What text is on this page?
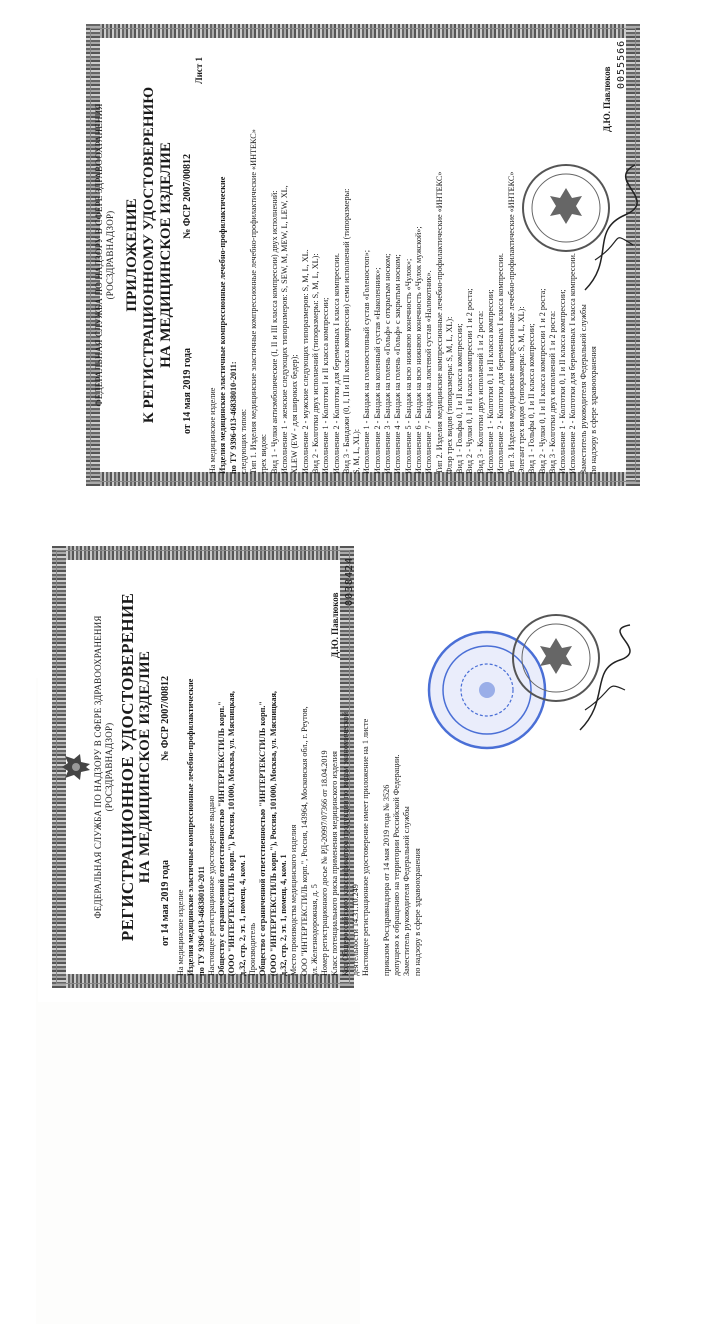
ФЕДЕРАЛЬНАЯ СЛУЖБА ПО НАДЗОРУ В СФЕРЕ ЗДРАВООХРАНЕНИЯ (РОСЗДРАВНАДЗОР) РЕГИСТРАЦИОННОЕ УДОСТОВЕРЕНИЕ НА МЕДИЦИНСКОЕ ИЗДЕЛИЕ
от 14 мая 2019 года
№ ФСР 2007/00812
На медицинское изделие Изделия медицинские эластичные компрессионные лечебно-профилактические по ТУ 9396-013-46838010-2011 Настоящее регистрационное удостоверение выдано Обществу с ограниченной ответственностью "ИНТЕРТЕКСТИЛЬ корп." (ООО "ИНТЕРТЕКСТИЛЬ корп."), Россия, 101000, Москва, ул. Мясницкая, д.32, стр. 2, эт. 1, помещ. 4, ком. 1 Производитель Общество с ограниченной ответственностью "ИНТЕРТЕКСТИЛЬ корп." (ООО "ИНТЕРТЕКСТИЛЬ корп."), Россия, 101000, Москва, ул. Мясницкая, д.32, стр. 2, эт. 1, помещ. 4, ком. 1 Место производства медицинского изделия ООО "ИНТЕРТЕКСТИЛЬ корп.", Россия, 143964, Московская обл., г. Реутов, ул. Железнодорожная, д. 5 Номер регистрационного досье № РД-20997/07366 от 18.04.2019 Класс потенциального риска применения медицинского изделия Код Общероссийского классификатора продукции по видам экономической деятельности 14.31.10.249 Настоящее регистрационное удостоверение имеет приложение на 1 листе приказом Росздравнадзора от 14 мая 2019 года № 3526 допущено к обращению на территории Российской Федерации. Заместитель руководителя Федеральной службы по надзору в сфере здравоохранения
Д.Ю. Павлюков
0038424
ФЕДЕРАЛЬНАЯ СЛУЖБА ПО НАДЗОРУ В СФЕРЕ ЗДРАВООХРАНЕНИЯ (РОСЗДРАВНАДЗОР) ПРИЛОЖЕНИЕ К РЕГИСТРАЦИОННОМУ УДОСТОВЕРЕНИЮ НА МЕДИЦИНСКОЕ ИЗДЕЛИЕ
от 14 мая 2019 года
№ ФСР 2007/00812
Лист 1
На медицинское изделие Изделия медицинские эластичные компрессионные лечебно-профилактические по ТУ 9396-013-46838010-2011: следующих типов: Тип 1. Изделия медицинские эластичные компрессионные лечебно-профилактические «ИНТЕКС» трех видов: Вид 1 - Чулки антиэмболические (I, II и III класса компрессии) двух исполнений: Исполнение 1 - женские следующих типоразмеров: S, SEW, M, MEW, L, LEW, XL, XLEW (EW - для широких бедер); Исполнение 2 - мужские следующих типоразмеров: S, M, L, XL. Вид 2 - Колготки двух исполнений (типоразмеры: S, M, L, XL): Исполнение 1 - Колготки I и II класса компрессии; Исполнение 2 - Колготки для беременных I класса компрессии. Вид 3 - Бандажи (0, I, II и III класса компрессии) семи исполнений (типоразмеры: S, M, L, XL): Исполнение 1 - Бандаж на голеностопный сустав «Голеностоп»; Исполнение 2 - Бандаж на коленный сустав «Наколенник»; Исполнение 3 - Бандаж на голень «Гольф» с открытым носком; Исполнение 4 - Бандаж на голень «Гольф» с закрытым носком; Исполнение 5 - Бандаж на всю нижнюю конечность «Чулок»; Исполнение 6 - Бандаж на всю нижнюю конечность «Чулок мужской»; Исполнение 7 - Бандаж на локтевой сустав «Налокотник». Тип 2. Изделия медицинские компрессионные лечебно-профилактические «ИНТЕКС» Флэр трех видов (типоразмеры: S, M, L, XL): Вид 1 - Гольфы 0, I и II класса компрессии; Вид 2 - Чулки 0, I и II класса компрессии 1 и 2 роста; Вид 3 - Колготки двух исполнений 1 и 2 роста: Исполнение 1 - Колготки 0, I и II класса компрессии; Исполнение 2 - Колготки для беременных I класса компрессии. Тип 3. Изделия медицинские компрессионные лечебно-профилактические «ИНТЕКС» Элегант трех видов (типоразмеры: S, M, L, XL): Вид 1 - Гольфы 0, I и II класса компрессии; Вид 2 - Чулки 0, I и II класса компрессии 1 и 2 роста; Вид 3 - Колготки двух исполнений 1 и 2 роста: Исполнение 1 - Колготки 0, I и II класса компрессии; Исполнение 2 - Колготки для беременных I класса компрессии. Заместитель руководителя Федеральной службы по надзору в сфере здравоохранения
Д.Ю. Павлюков
0055566
